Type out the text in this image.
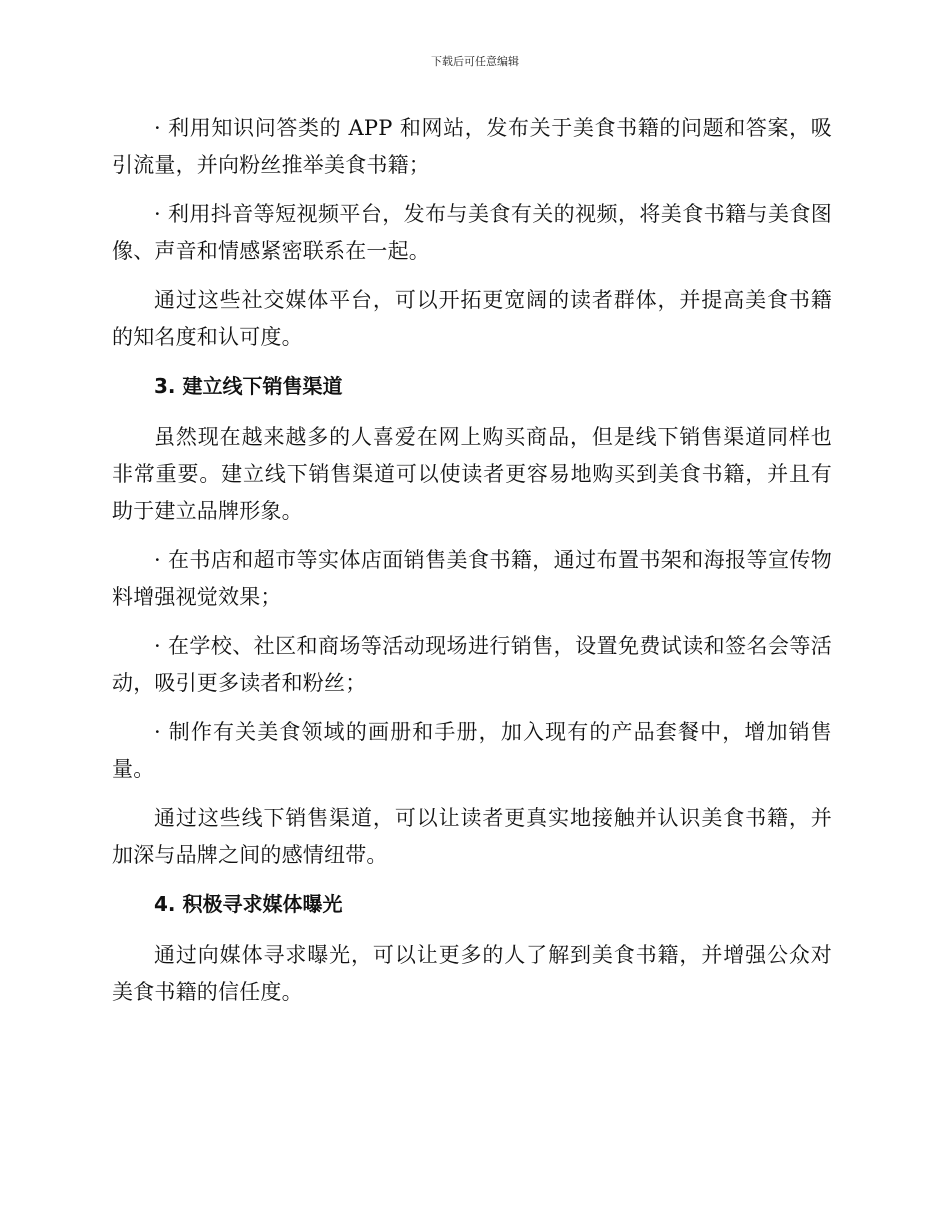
下载后可任意编辑

· 利用知识问答类的 APP 和网站，发布关于美食书籍的问题和答案，吸引流量，并向粉丝推举美食书籍；

· 利用抖音等短视频平台，发布与美食有关的视频，将美食书籍与美食图像、声音和情感紧密联系在一起。

通过这些社交媒体平台，可以开拓更宽阔的读者群体，并提高美食书籍的知名度和认可度。

3. 建立线下销售渠道

虽然现在越来越多的人喜爱在网上购买商品，但是线下销售渠道同样也非常重要。建立线下销售渠道可以使读者更容易地购买到美食书籍，并且有助于建立品牌形象。

· 在书店和超市等实体店面销售美食书籍，通过布置书架和海报等宣传物料增强视觉效果；

· 在学校、社区和商场等活动现场进行销售，设置免费试读和签名会等活动，吸引更多读者和粉丝；

· 制作有关美食领域的画册和手册，加入现有的产品套餐中，增加销售量。

通过这些线下销售渠道，可以让读者更真实地接触并认识美食书籍，并加深与品牌之间的感情纽带。

4. 积极寻求媒体曝光

通过向媒体寻求曝光，可以让更多的人了解到美食书籍，并增强公众对美食书籍的信任度。
